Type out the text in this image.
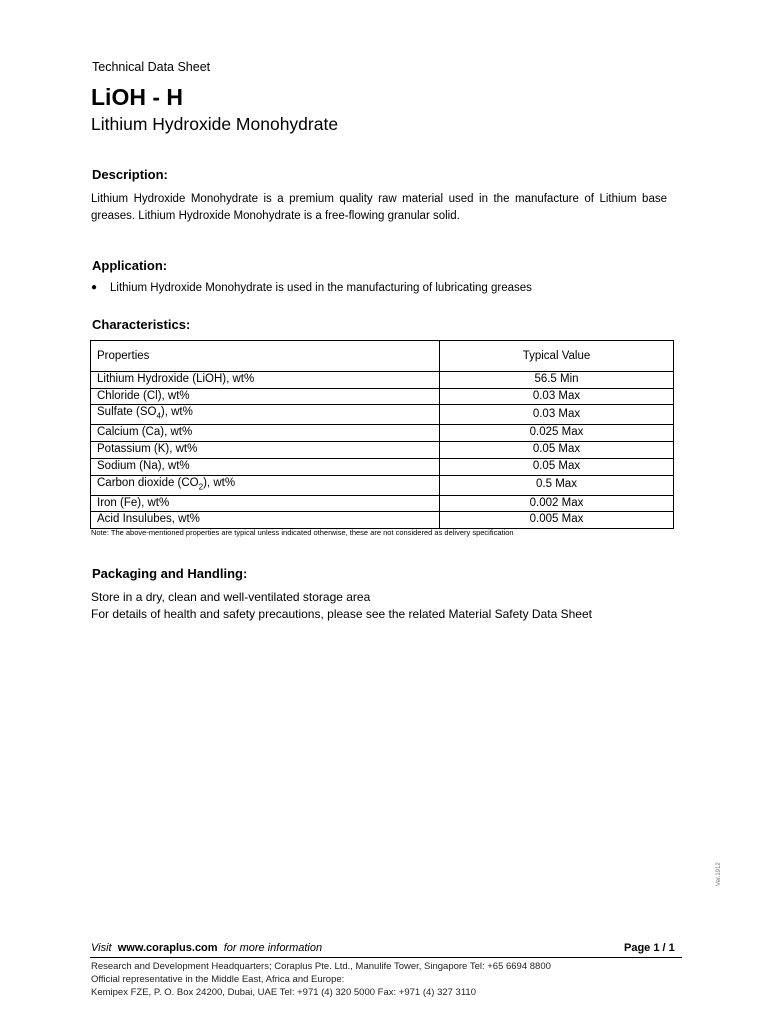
Technical Data Sheet
LiOH - H
Lithium Hydroxide Monohydrate
Description:
Lithium Hydroxide Monohydrate is a premium quality raw material used in the manufacture of Lithium base greases. Lithium Hydroxide Monohydrate is a free-flowing granular solid.
Application:
● Lithium Hydroxide Monohydrate is used in the manufacturing of lubricating greases
Characteristics:
Properties	Typical Value
Lithium Hydroxide (LiOH), wt%	56.5 Min
Chloride (Cl), wt%	0.03 Max
Sulfate $(SO_4)$, wt%	0.03 Max
Calcium (Ca), wt%	0.025 Max
Potassium (K), wt%	0.05 Max
Sodium (Na), wt%	0.05 Max
Carbon dioxide $(CO_2)$, wt%	0.5 Max
Iron (Fe), wt%	0.002 Max
Acid Insulubes, wt%	0.005 Max
Note: The above-mentioned properties are typical unless indicated otherwise, these are not considered as delivery specification
Packaging and Handling:
Store in a dry, clean and well-ventilated storage area
For details of health and safety precautions, please see the related Material Safety Data Sheet
Ver.1912
Visit www.coraplus.com for more information	Page 1 / 1
Research and Development Headquarters; Coraplus Pte. Ltd., Manulife Tower, Singapore Tel: +65 6694 8800
Official representative in the Middle East, Africa and Europe:
Kemipex FZE, P. O. Box 24200, Dubai, UAE Tel: +971 (4) 320 5000 Fax: +971 (4) 327 3110
